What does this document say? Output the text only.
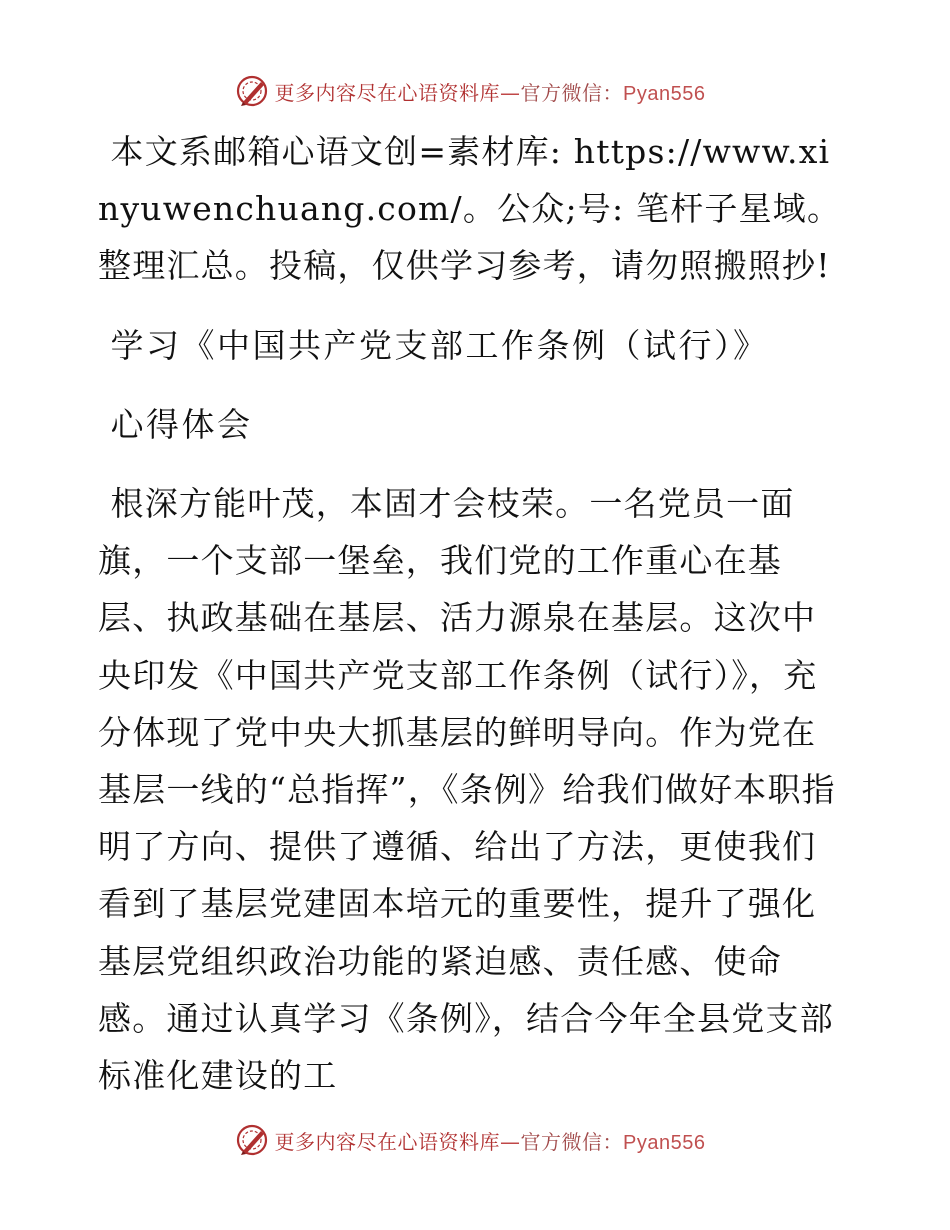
更多内容尽在心语资料库—官方微信：Pyan556

本文系邮箱心语文创=素材库: https://www.xinyuwenchuang.com/。公众;号: 笔杆子星域。整理汇总。投稿，仅供学习参考，请勿照搬照抄!

学习《中国共产党支部工作条例（试行）》

心得体会

根深方能叶茂，本固才会枝荣。一名党员一面旗，一个支部一堡垒，我们党的工作重心在基层、执政基础在基层、活力源泉在基层。这次中央印发《中国共产党支部工作条例（试行）》，充分体现了党中央大抓基层的鲜明导向。作为党在基层一线的“总指挥”，《条例》给我们做好本职指明了方向、提供了遵循、给出了方法，更使我们看到了基层党建固本培元的重要性，提升了强化基层党组织政治功能的紧迫感、责任感、使命感。通过认真学习《条例》，结合今年全县党支部标准化建设的工

更多内容尽在心语资料库—官方微信：Pyan556
